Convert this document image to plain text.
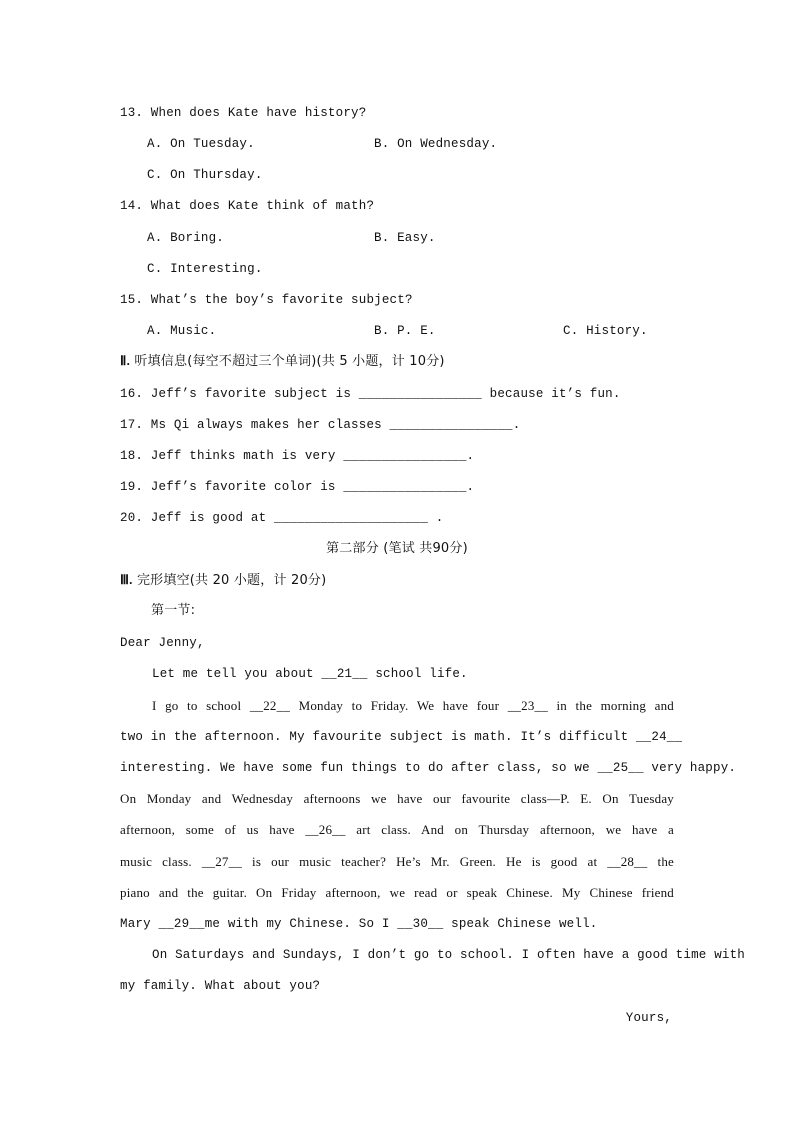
13. When does Kate have history?
A. On Tuesday.	B. On Wednesday.
C. On Thursday.
14. What does Kate think of math?
A. Boring.	B. Easy.
C. Interesting.
15. What’s the boy’s favorite subject?
A. Music.	B. P. E.	C. History.
Ⅱ. 听填信息(每空不超过三个单词)(共 5 小题，计 10分)
16. Jeff’s favorite subject is ________________ because it’s fun.
17. Ms Qi always makes her classes ________________.
18. Jeff thinks math is very ________________.
19. Jeff’s favorite color is ________________.
20. Jeff is good at ____________________ .
第二部分 (笔试 共90分)
Ⅲ. 完形填空(共 20 小题，计 20分)
第一节:
Dear Jenny,
Let me tell you about __21__ school life.
I go to school __22__ Monday to Friday. We have four __23__ in the morning and
two in the afternoon. My favourite subject is math. It’s difficult __24__
interesting. We have some fun things to do after class, so we __25__ very happy.
On Monday and Wednesday afternoons we have our favourite class—P. E. On Tuesday
afternoon, some of us have __26__ art class. And on Thursday afternoon, we have a
music class. __27__ is our music teacher? He’s Mr. Green. He is good at __28__ the
piano and the guitar. On Friday afternoon, we read or speak Chinese. My Chinese friend
Mary __29__me with my Chinese. So I __30__ speak Chinese well.
On Saturdays and Sundays, I don’t go to school. I often have a good time with
my family. What about you?
Yours,
